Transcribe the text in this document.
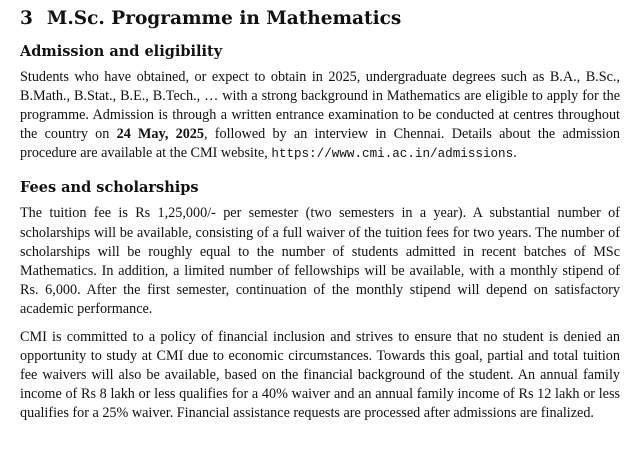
3 M.Sc. Programme in Mathematics
Admission and eligibility

Students who have obtained, or expect to obtain in 2025, undergraduate degrees such as B.A., B.Sc., B.Math., B.Stat., B.E., B.Tech., … with a strong background in Mathematics are eligible to apply for the programme. Admission is through a written entrance examination to be conducted at centres throughout the country on 24 May, 2025, followed by an interview in Chennai. Details about the admission procedure are available at the CMI website, https://www.cmi.ac.in/admissions.

Fees and scholarships

The tuition fee is Rs 1,25,000/- per semester (two semesters in a year). A substantial number of scholarships will be available, consisting of a full waiver of the tuition fees for two years. The number of scholarships will be roughly equal to the number of students admitted in recent batches of MSc Mathematics. In addition, a limited number of fellowships will be available, with a monthly stipend of Rs. 6,000. After the first semester, continuation of the monthly stipend will depend on satisfactory academic performance.

CMI is committed to a policy of financial inclusion and strives to ensure that no student is denied an opportunity to study at CMI due to economic circumstances. Towards this goal, partial and total tuition fee waivers will also be available, based on the financial background of the student. An annual family income of Rs 8 lakh or less qualifies for a 40% waiver and an annual family income of Rs 12 lakh or less qualifies for a 25% waiver. Financial assistance requests are processed after admissions are finalized.
